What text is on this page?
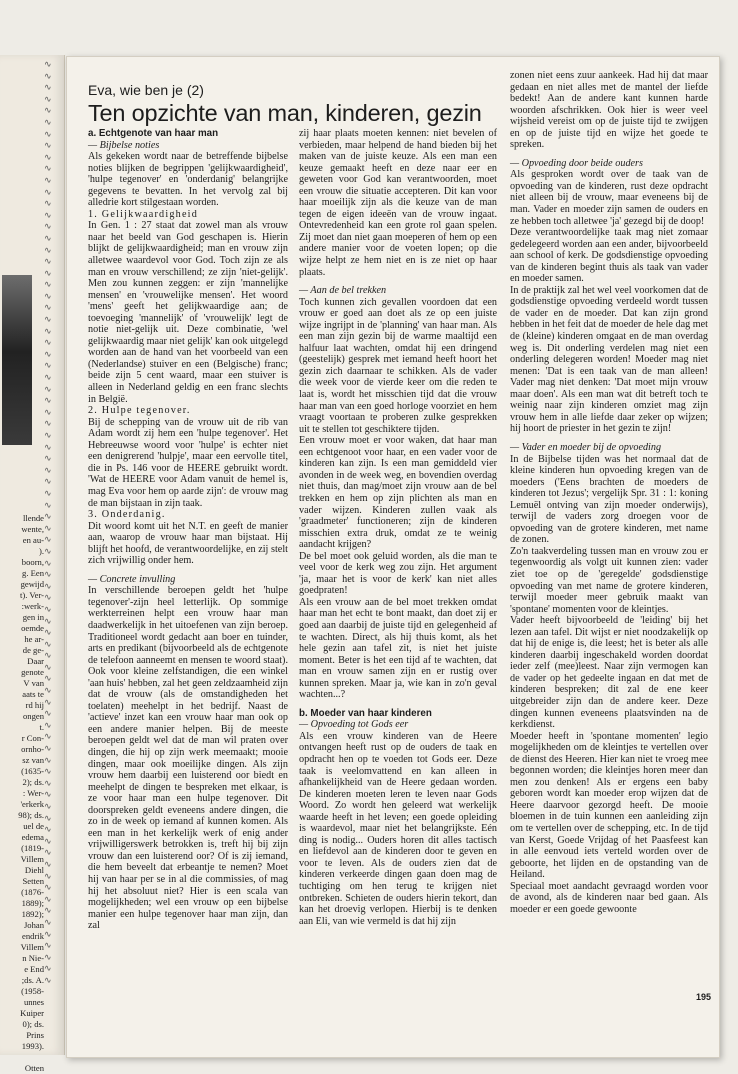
llende
wente,
en au-
).
boorn,
g. Een
gewijd
t). Ver-
:werk-
gen in
oemde
he ar-
de ge-
Daar
genote
V van
aats te
rd hij
ongen
t.
r Con-
ornho-
sz van
(1635-
2); ds.
: Wer-
'erkerk
98); ds.
uel de
edema
(1819-
Villem
Diehl
Setten
(1876-
1889);
1892);
Johan
endrik
Villem
n Nie-
e End
;ds. A.
(1958-
unnes
Kuiper
0); ds.
Prins
1993).

Otten
∿
∿
∿
∿
∿
∿
∿
∿
∿
∿
∿
∿
∿
∿
∿
∿
∿
∿
∿
∿
∿
∿
∿
∿
∿
∿
∿
∿
∿
∿
∿
∿
∿
∿
∿
∿
∿
∿
∿
∿
∿
∿
∿
∿
∿
∿
∿
∿
∿
∿
∿
∿
∿
∿
∿
∿
∿
∿
∿
∿
∿
∿
∿
∿
∿
∿
∿
∿
∿
∿
∿
∿
∿
∿
∿
∿
∿
∿
∿
∿
Eva, wie ben je (2)
Ten opzichte van man, kinderen, gezin

a. Echtgenote van haar man

— Bijbelse noties

Als gekeken wordt naar de betreffende bijbelse noties blijken de begrippen 'gelijkwaardigheid', 'hulpe tegenover' en 'onderdanig' belangrijke gegevens te bevatten. In het vervolg zal bij alledrie kort stilgestaan worden.

1. Gelijkwaardigheid

In Gen. 1 : 27 staat dat zowel man als vrouw naar het beeld van God geschapen is. Hierin blijkt de gelijkwaardigheid; man en vrouw zijn alletwee waardevol voor God. Toch zijn ze als man en vrouw verschillend; ze zijn 'niet-gelijk'. Men zou kunnen zeggen: er zijn 'mannelijke mensen' en 'vrouwelijke mensen'. Het woord 'mens' geeft het gelijkwaardige aan; de toevoeging 'mannelijk' of 'vrouwelijk' legt de notie niet-gelijk uit. Deze combinatie, 'wel gelijkwaardig maar niet gelijk' kan ook uitgelegd worden aan de hand van het voorbeeld van een (Nederlandse) stuiver en een (Belgische) franc; beide zijn 5 cent waard, maar een stuiver is alleen in Nederland geldig en een franc slechts in België.

2. Hulpe tegenover.

Bij de schepping van de vrouw uit de rib van Adam wordt zij hem een 'hulpe tegenover'. Het Hebreeuwse woord voor 'hulpe' is echter niet een denigrerend 'hulpje', maar een eervolle titel, die in Ps. 146 voor de HEERE gebruikt wordt. 'Wat de HEERE voor Adam vanuit de hemel is, mag Eva voor hem op aarde zijn': de vrouw mag de man bijstaan in zijn taak.

3. Onderdanig.

Dit woord komt uit het N.T. en geeft de manier aan, waarop de vrouw haar man bijstaat. Hij blijft het hoofd, de verantwoordelijke, en zij stelt zich vrijwillig onder hem.

— Concrete invulling

In verschillende beroepen geldt het 'hulpe tegenover'-zijn heel letterlijk. Op sommige werkterreinen helpt een vrouw haar man daadwerkelijk in het uitoefenen van zijn beroep. Traditioneel wordt gedacht aan boer en tuinder, arts en predikant (bijvoorbeeld als de echtgenote de telefoon aanneemt en mensen te woord staat). Ook voor kleine zelfstandigen, die een winkel 'aan huis' hebben, zal het geen zeldzaamheid zijn dat de vrouw (als de omstandigheden het toelaten) meehelpt in het bedrijf. Naast de 'actieve' inzet kan een vrouw haar man ook op een andere manier helpen. Bij de meeste beroepen geldt wel dat de man wil praten over dingen, die hij op zijn werk meemaakt; mooie dingen, maar ook moeilijke dingen. Als zijn vrouw hem daarbij een luisterend oor biedt en meehelpt de dingen te bespreken met elkaar, is ze voor haar man een hulpe tegenover. Dit doorspreken geldt eveneens andere dingen, die zo in de week op iemand af kunnen komen. Als een man in het kerkelijk werk of enig ander vrijwilligerswerk betrokken is, treft hij bij zijn vrouw dan een luisterend oor? Of is zij iemand, die hem beveelt dat erbeantje te nemen? Moet hij van haar per se in al die commissies, of mag hij het absoluut niet? Hier is een scala van mogelijkheden; wel een vrouw op een bijbelse manier een hulpe tegenover haar man zijn, dan zal

zij haar plaats moeten kennen: niet bevelen of verbieden, maar helpend de hand bieden bij het maken van de juiste keuze. Als een man een keuze gemaakt heeft en deze naar eer en geweten voor God kan verantwoorden, moet een vrouw die situatie accepteren. Dit kan voor haar moeilijk zijn als die keuze van de man tegen de eigen ideeën van de vrouw ingaat. Ontevredenheid kan een grote rol gaan spelen. Zij moet dan niet gaan moeperen of hem op een andere manier voor de voeten lopen; op die wijze helpt ze hem niet en is ze niet op haar plaats.

— Aan de bel trekken

Toch kunnen zich gevallen voordoen dat een vrouw er goed aan doet als ze op een juiste wijze ingrijpt in de 'planning' van haar man. Als een man zijn gezin bij de warme maaltijd een halfuur laat wachten, omdat hij een dringend (geestelijk) gesprek met iemand heeft hoort het gezin zich daarnaar te schikken. Als de vader die week voor de vierde keer om die reden te laat is, wordt het misschien tijd dat die vrouw haar man van een goed horloge voorziet en hem vraagt voortaan te proberen zulke gesprekken uit te stellen tot geschiktere tijden.

Een vrouw moet er voor waken, dat haar man een echtgenoot voor haar, en een vader voor de kinderen kan zijn. Is een man gemiddeld vier avonden in de week weg, en bovendien overdag niet thuis, dan mag/moet zijn vrouw aan de bel trekken en hem op zijn plichten als man en vader wijzen. Kinderen zullen vaak als 'graadmeter' functioneren; zijn de kinderen misschien extra druk, omdat ze te weinig aandacht krijgen?

De bel moet ook geluid worden, als die man te veel voor de kerk weg zou zijn. Het argument 'ja, maar het is voor de kerk' kan niet alles goedpraten!

Als een vrouw aan de bel moet trekken omdat haar man het echt te bont maakt, dan doet zij er goed aan daarbij de juiste tijd en gelegenheid af te wachten. Direct, als hij thuis komt, als het hele gezin aan tafel zit, is niet het juiste moment. Beter is het een tijd af te wachten, dat man en vrouw samen zijn en er rustig over kunnen spreken. Maar ja, wie kan in zo'n geval wachten...?

b. Moeder van haar kinderen

— Opvoeding tot Gods eer

Als een vrouw kinderen van de Heere ontvangen heeft rust op de ouders de taak en opdracht hen op te voeden tot Gods eer. Deze taak is veelomvattend en kan alleen in afhankelijkheid van de Heere gedaan worden. De kinderen moeten leren te leven naar Gods Woord. Zo wordt hen geleerd wat werkelijk waarde heeft in het leven; een goede opleiding is waardevol, maar niet het belangrijkste. Eén ding is nodig... Ouders horen dit alles tactisch en liefdevol aan de kinderen door te geven en voor te leven. Als de ouders zien dat de kinderen verkeerde dingen gaan doen mag de tuchtiging om hen terug te krijgen niet ontbreken. Schieten de ouders hierin tekort, dan kan het droevig verlopen. Hierbij is te denken aan Eli, van wie vermeld is dat hij zijn

zonen niet eens zuur aankeek. Had hij dat maar gedaan en niet alles met de mantel der liefde bedekt! Aan de andere kant kunnen harde woorden afschrikken. Ook hier is weer veel wijsheid vereist om op de juiste tijd te zwijgen en op de juiste tijd en wijze het goede te spreken.

— Opvoeding door beide ouders

Als gesproken wordt over de taak van de opvoeding van de kinderen, rust deze opdracht niet alleen bij de vrouw, maar eveneens bij de man. Vader en moeder zijn samen de ouders en ze hebben toch alletwee 'ja' gezegd bij de doop!

Deze verantwoordelijke taak mag niet zomaar gedelegeerd worden aan een ander, bijvoorbeeld aan school of kerk. De godsdienstige opvoeding van de kinderen begint thuis als taak van vader en moeder samen.

In de praktijk zal het wel veel voorkomen dat de godsdienstige opvoeding verdeeld wordt tussen de vader en de moeder. Dat kan zijn grond hebben in het feit dat de moeder de hele dag met de (kleine) kinderen omgaat en de man overdag weg is. Dit onderling verdelen mag niet een onderling delegeren worden! Moeder mag niet menen: 'Dat is een taak van de man alleen! Vader mag niet denken: 'Dat moet mijn vrouw maar doen'. Als een man wat dit betreft toch te weinig naar zijn kinderen omziet mag zijn vrouw hem in alle liefde daar zeker op wijzen; hij hoort de priester in het gezin te zijn!

— Vader en moeder bij de opvoeding

In de Bijbelse tijden was het normaal dat de kleine kinderen hun opvoeding kregen van de moeders ('Eens brachten de moeders de kinderen tot Jezus'; vergelijk Spr. 31 : 1: koning Lemuël ontving van zijn moeder onderwijs), terwijl de vaders zorg droegen voor de opvoeding van de grotere kinderen, met name de zonen.

Zo'n taakverdeling tussen man en vrouw zou er tegenwoordig als volgt uit kunnen zien: vader ziet toe op de 'geregelde' godsdienstige opvoeding van met name de grotere kinderen, terwijl moeder meer gebruik maakt van 'spontane' momenten voor de kleintjes.

Vader heeft bijvoorbeeld de 'leiding' bij het lezen aan tafel. Dit wijst er niet noodzakelijk op dat hij de enige is, die leest; het is beter als alle kinderen daarbij ingeschakeld worden doordat ieder zelf (mee)leest. Naar zijn vermogen kan de vader op het gedeelte ingaan en dat met de kinderen bespreken; dit zal de ene keer uitgebreider zijn dan de andere keer. Deze dingen kunnen eveneens plaatsvinden na de kerkdienst.

Moeder heeft in 'spontane momenten' legio mogelijkheden om de kleintjes te vertellen over de dienst des Heeren. Hier kan niet te vroeg mee begonnen worden; die kleintjes horen meer dan men zou denken! Als er ergens een baby geboren wordt kan moeder erop wijzen dat de Heere daarvoor gezorgd heeft. De mooie bloemen in de tuin kunnen een aanleiding zijn om te vertellen over de schepping, etc. In de tijd van Kerst, Goede Vrijdag of het Paasfeest kan in alle eenvoud iets verteld worden over de geboorte, het lijden en de opstanding van de Heiland.

Speciaal moet aandacht gevraagd worden voor de avond, als de kinderen naar bed gaan. Als moeder er een goede gewoonte

195
